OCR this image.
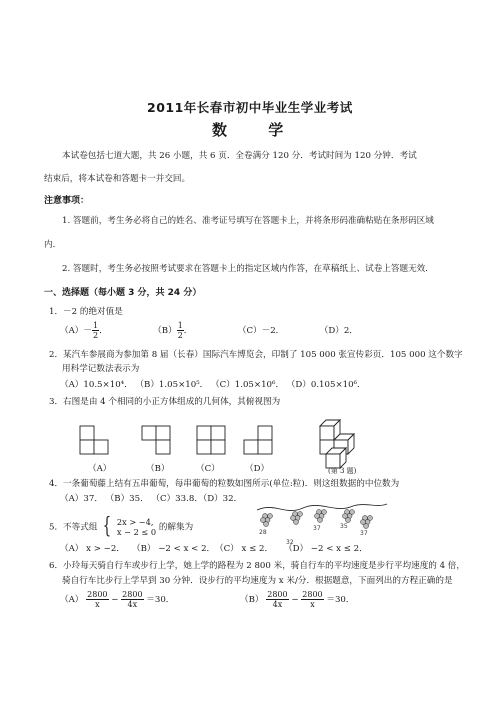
2011年长春市初中毕业生学业考试
数 学
本试卷包括七道大题，共 26 小题，共 6 页．全卷满分 120 分．考试时间为 120 分钟．考试
结束后，将本试卷和答题卡一并交回。
注意事项：
1. 答题前，考生务必将自己的姓名、准考证号填写在答题卡上，并将条形码准确粘贴在条形码区域
内．
2. 答题时，考生务必按照考试要求在答题卡上的指定区域内作答，在草稿纸上、试卷上答题无效．
一、选择题（每小题 3 分，共 24 分）
1．－2 的绝对值是
$(A)- \frac{1}{2}$ ．	$(B) \frac{1}{2}$ ．	（C）－2．	（D）2．
2．某汽车参展商为参加第 8 届（长春）国际汽车博览会，印制了 105 000 张宣传彩页．105 000 这个数字
用科学记数法表示为
（A）10.5×10⁴． （B）1.05×10⁵． （C）1.05×10⁶． （D）0.105×10⁶．
3．右图是由 4 个相同的小正方体组成的几何体，其俯视图为
（A）	（B）	（C）	（D）	(第 3 题)
4．一条葡萄藤上结有五串葡萄，每串葡萄的粒数如图所示(单位:粒)．则这组数据的中位数为
（A）37． （B）35． （C）33.8．（D）32．
28
32
37	35
37
5．不等式组 { 2x > −4,
x − 2 ≤ 0 的解集为
（A） x > −2． （B） −2 < x < 2． （C） x ≤ 2． （D） −2 < x ≤ 2．
6．小玲每天骑自行车或步行上学，她上学的路程为 2 800 米，骑自行车的平均速度是步行平均速度的 4 倍，
骑自行车比步行上学早到 30 分钟．设步行的平均速度为 x 米/分．根据题意，下面列出的方程正确的是
$(A) \frac{2800}{x} - \frac{2800}{4x} =30$．	$(B) \frac{2800}{4x} - \frac{2800}{x} =30$．
